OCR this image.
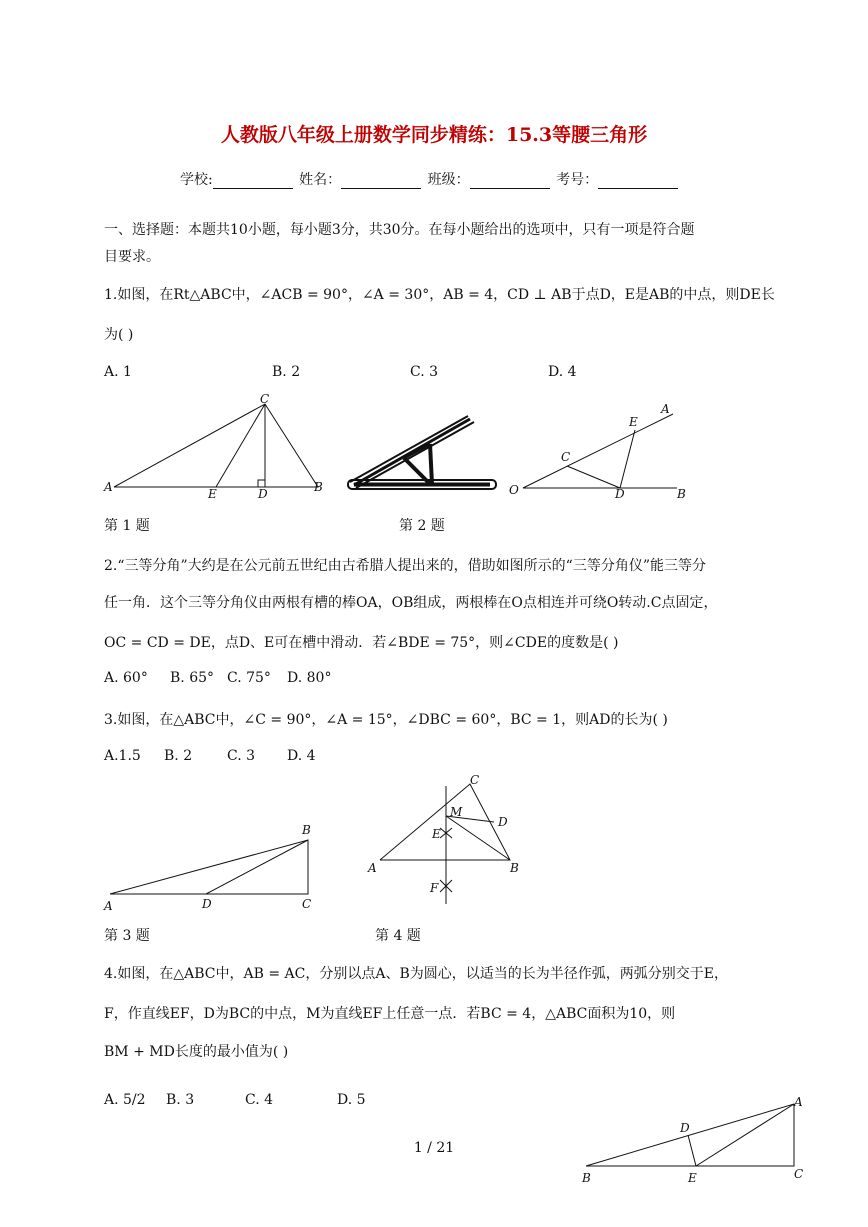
人教版八年级上册数学同步精练：15.3等腰三角形
学校:	姓名：	班级：	考号：
一、选择题：本题共10小题，每小题3分，共30分。在每小题给出的选项中，只有一项是符合题
目要求。
1.如图，在Rt△ABC中，∠ACB = 90°，∠A = 30°，AB = 4，CD ⊥ AB于点D，E是AB的中点，则DE长
为( )
A. 1	B. 2	C. 3	D. 4
C
A	E	D	B
A
E
C
O	D	B
第 1 题	第 2 题
2.“三等分角”大约是在公元前五世纪由古希腊人提出来的，借助如图所示的“三等分角仪”能三等分
任一角．这个三等分角仪由两根有槽的棒OA，OB组成，两根棒在O点相连并可绕O转动.C点固定，
OC = CD = DE，点D、E可在槽中滑动．若∠BDE = 75°，则∠CDE的度数是( )
A. 60° B. 65° C. 75° D. 80°
3.如图，在△ABC中，∠C = 90°，∠A = 15°，∠DBC = 60°，BC = 1，则AD的长为( )
A.1.5 B. 2 C. 3 D. 4
B
A	D	C
C
M
D
E
A	B
F
第 3 题	第 4 题
4.如图，在△ABC中，AB = AC，分别以点A、B为圆心，以适当的长为半径作弧，两弧分别交于E，
F，作直线EF，D为BC的中点，M为直线EF上任意一点．若BC = 4，△ABC面积为10，则
BM + MD长度的最小值为( )
A. 5/2 B. 3	C. 4	D. 5	A
D
B	E	C
1 / 21
